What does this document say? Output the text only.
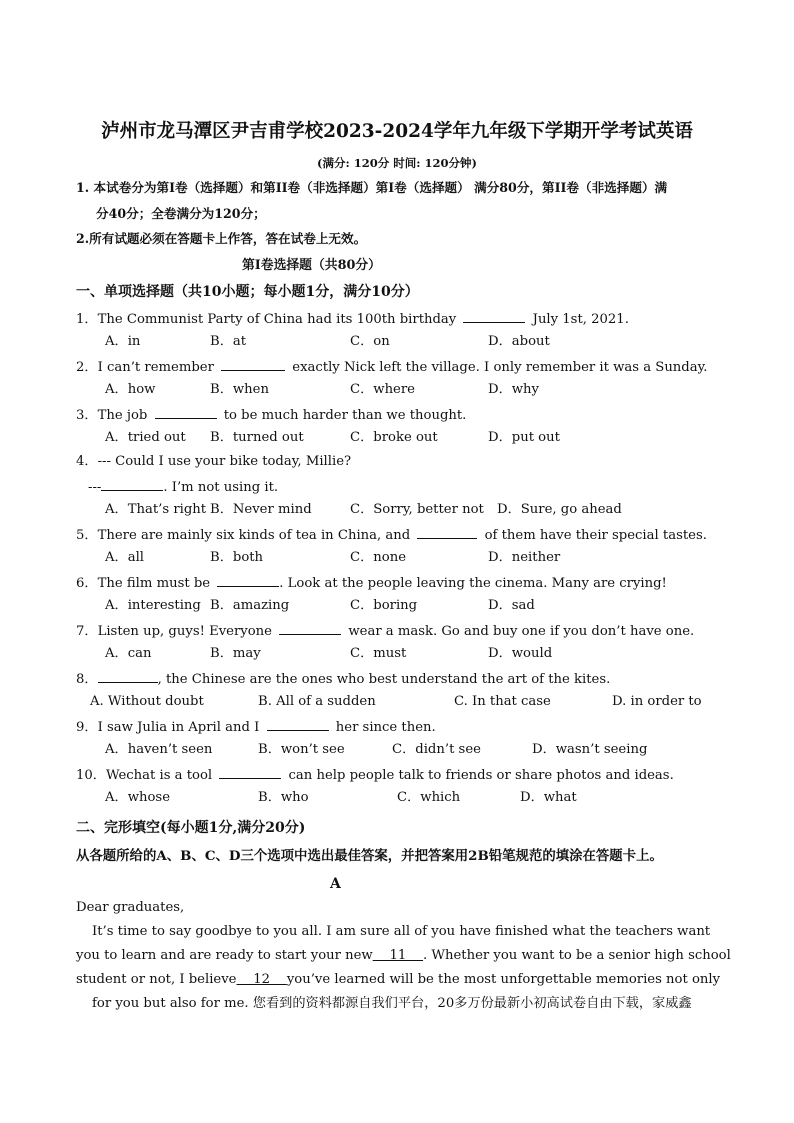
泸州市龙马潭区尹吉甫学校2023-2024学年九年级下学期开学考试英语
(满分: 120分 时间: 120分钟)
1. 本试卷分为第Ⅰ卷（选择题）和第II卷（非选择题）第Ⅰ卷（选择题） 满分80分，第II卷（非选择题）满
分40分；全卷满分为120分；
2.所有试题必须在答题卡上作答，答在试卷上无效。
第Ⅰ卷选择题（共80分）
一、单项选择题（共10小题；每小题1分，满分10分）
1．The Communist Party of China had its 100th birthday	July 1st, 2021.
A．in	B．at	C．on	D．about
2．I can’t remember	exactly Nick left the village. I only remember it was a Sunday.
A．how	B．when	C．where	D．why
3．The job	to be much harder than we thought.
A．tried out B．turned out	C．broke out	D．put out
4．--- Could I use your bike today, Millie?
---	. I’m not using it.
A．That’s right B．Never mind	C．Sorry, better not D．Sure, go ahead
5．There are mainly six kinds of tea in China, and	of them have their special tastes.
A．all	B．both	C．none	D．neither
6．The film must be	. Look at the people leaving the cinema. Many are crying!
A．interesting B．amazing	C．boring	D．sad
7．Listen up, guys! Everyone	wear a mask. Go and buy one if you don’t have one.
A．can	B．may	C．must	D．would
8．	, the Chinese are the ones who best understand the art of the kites.
A. Without doubt	B. All of a sudden	C. In that case	D. in order to
9．I saw Julia in April and I	her since then.
A．haven’t seen	B．won’t see	C．didn’t see	D．wasn’t seeing
10．Wechat is a tool	can help people talk to friends or share photos and ideas.
A．whose	B．who	C．which	D．what
二、完形填空(每小题1分,满分20分)
从各题所给的A、B、C、D三个选项中选出最佳答案，并把答案用2B铅笔规范的填涂在答题卡上。
A
Dear graduates,
It’s time to say goodbye to you all. I am sure all of you have finished what the teachers want
you to learn and are ready to start your new    11    . Whether you want to be a senior high school
student or not, I believe    12    you’ve learned will be the most unforgettable memories not only
for you but also for me. 您看到的资料都源自我们平台，20多万份最新小初高试卷自由下载，家威鑫
